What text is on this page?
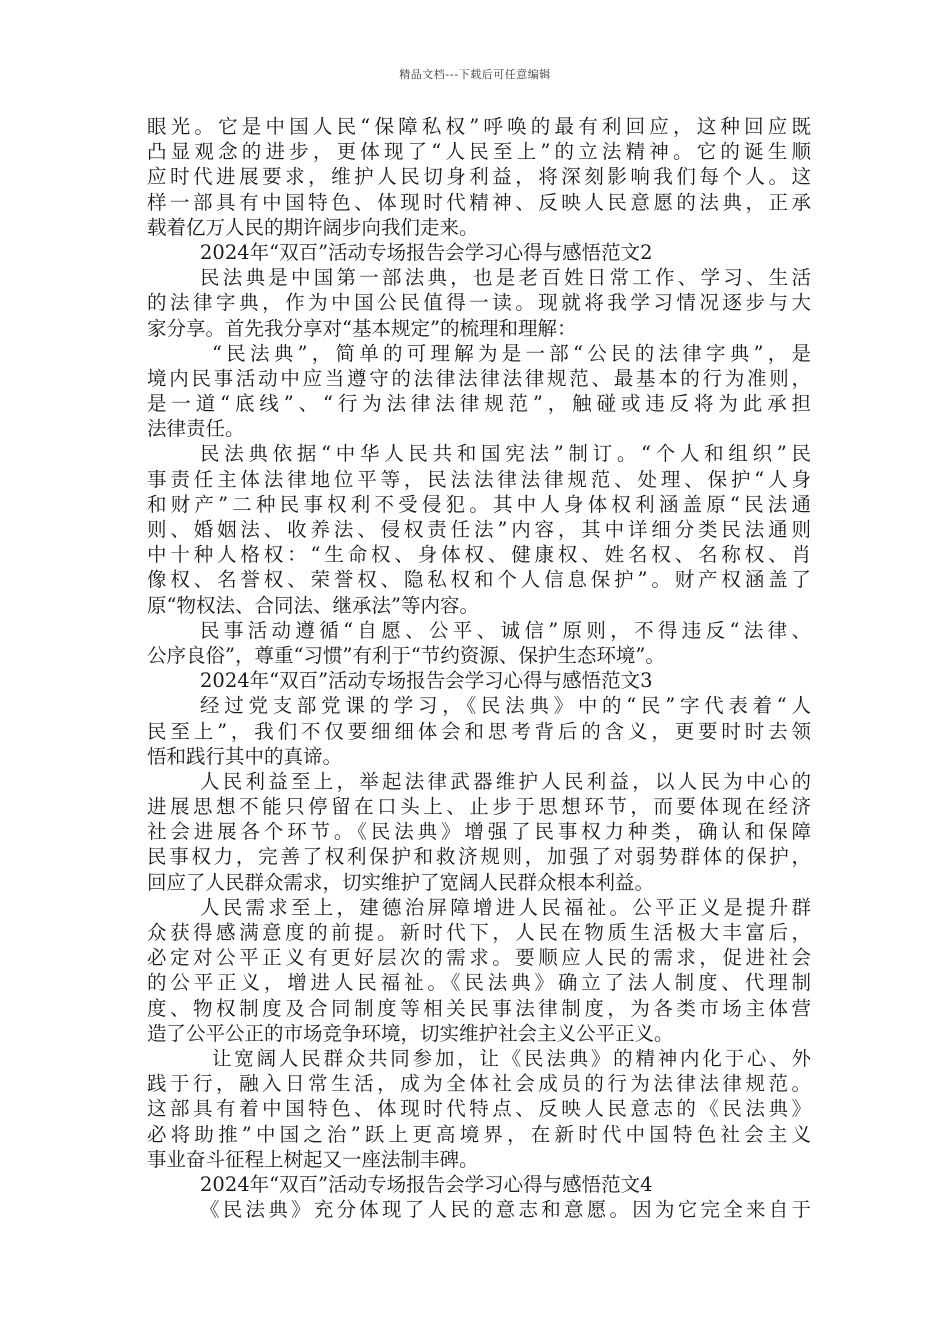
精品文档---下载后可任意编辑
眼光。它是中国人民“保障私权”呼唤的最有利回应，这种回应既
凸显观念的进步，更体现了“人民至上”的立法精神。它的诞生顺
应时代进展要求，维护人民切身利益，将深刻影响我们每个人。这
样一部具有中国特色、体现时代精神、反映人民意愿的法典，正承
载着亿万人民的期许阔步向我们走来。
2024年“双百”活动专场报告会学习心得与感悟范文2
民法典是中国第一部法典，也是老百姓日常工作、学习、生活
的法律字典，作为中国公民值得一读。现就将我学习情况逐步与大
家分享。首先我分享对“基本规定”的梳理和理解：
“民法典”，简单的可理解为是一部“公民的法律字典”，是
境内民事活动中应当遵守的法律法律法律规范、最基本的行为准则，
是一道“底线”、“行为法律法律规范”，触碰或违反将为此承担
法律责任。
民法典依据“中华人民共和国宪法”制订。“个人和组织”民
事责任主体法律地位平等，民法法律法律规范、处理、保护“人身
和财产”二种民事权利不受侵犯。其中人身体权利涵盖原“民法通
则、婚姻法、收养法、侵权责任法”内容，其中详细分类民法通则
中十种人格权：“生命权、身体权、健康权、姓名权、名称权、肖
像权、名誉权、荣誉权、隐私权和个人信息保护”。财产权涵盖了
原“物权法、合同法、继承法”等内容。
民事活动遵循“自愿、公平、诚信”原则，不得违反“法律、
公序良俗”，尊重“习惯”有利于“节约资源、保护生态环境”。
2024年“双百”活动专场报告会学习心得与感悟范文3
经过党支部党课的学习，《民法典》中的“民”字代表着“人
民至上”，我们不仅要细细体会和思考背后的含义，更要时时去领
悟和践行其中的真谛。
人民利益至上，举起法律武器维护人民利益，以人民为中心的
进展思想不能只停留在口头上、止步于思想环节，而要体现在经济
社会进展各个环节。《民法典》增强了民事权力种类，确认和保障
民事权力，完善了权利保护和救济规则，加强了对弱势群体的保护，
回应了人民群众需求，切实维护了宽阔人民群众根本利益。
人民需求至上，建德治屏障增进人民福祉。公平正义是提升群
众获得感满意度的前提。新时代下，人民在物质生活极大丰富后，
必定对公平正义有更好层次的需求。要顺应人民的需求，促进社会
的公平正义，增进人民福祉。《民法典》确立了法人制度、代理制
度、物权制度及合同制度等相关民事法律制度，为各类市场主体营
造了公平公正的市场竞争环境，切实维护社会主义公平正义。
让宽阔人民群众共同参加，让《民法典》的精神内化于心、外
践于行，融入日常生活，成为全体社会成员的行为法律法律规范。
这部具有着中国特色、体现时代特点、反映人民意志的《民法典》
必将助推”中国之治”跃上更高境界，在新时代中国特色社会主义
事业奋斗征程上树起又一座法制丰碑。
2024年“双百”活动专场报告会学习心得与感悟范文4
《民法典》充分体现了人民的意志和意愿。因为它完全来自于
